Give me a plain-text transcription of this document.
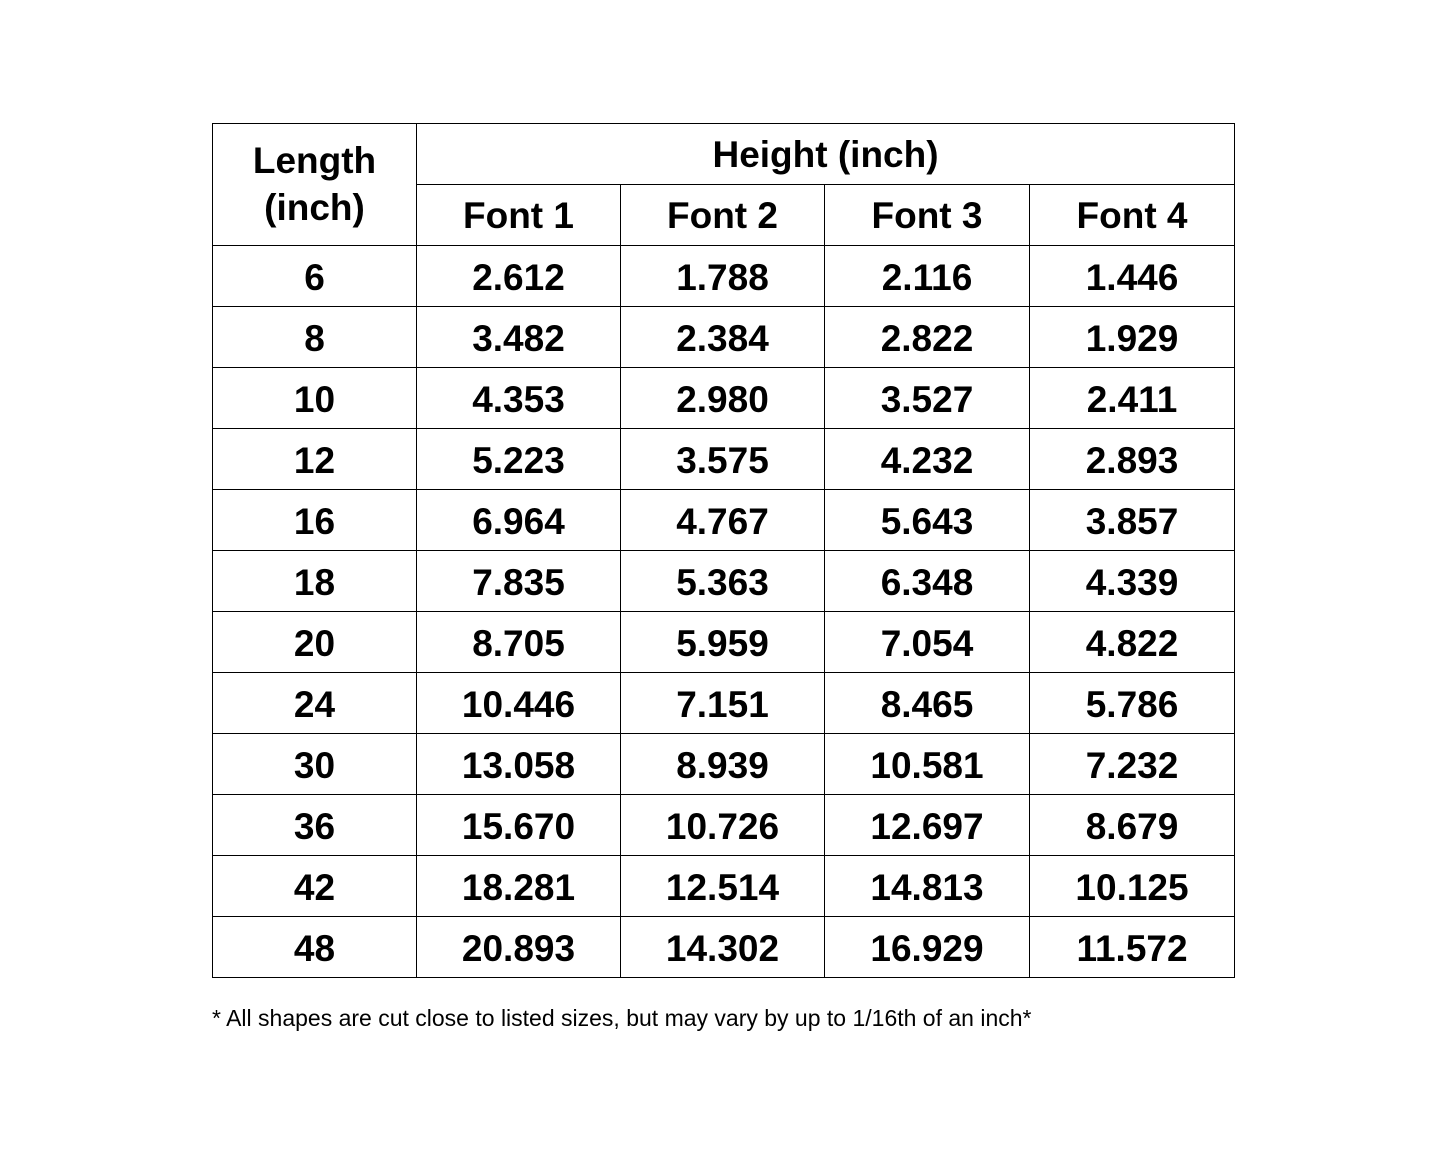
Length
(inch)	Height (inch)			
	Font 1	Font 2	Font 3	Font 4
6	2.612	1.788	2.116	1.446
8	3.482	2.384	2.822	1.929
10	4.353	2.980	3.527	2.411
12	5.223	3.575	4.232	2.893
16	6.964	4.767	5.643	3.857
18	7.835	5.363	6.348	4.339
20	8.705	5.959	7.054	4.822
24	10.446	7.151	8.465	5.786
30	13.058	8.939	10.581	7.232
36	15.670	10.726	12.697	8.679
42	18.281	12.514	14.813	10.125
48	20.893	14.302	16.929	11.572
* All shapes are cut close to listed sizes, but may vary by up to 1/16th of an inch*
